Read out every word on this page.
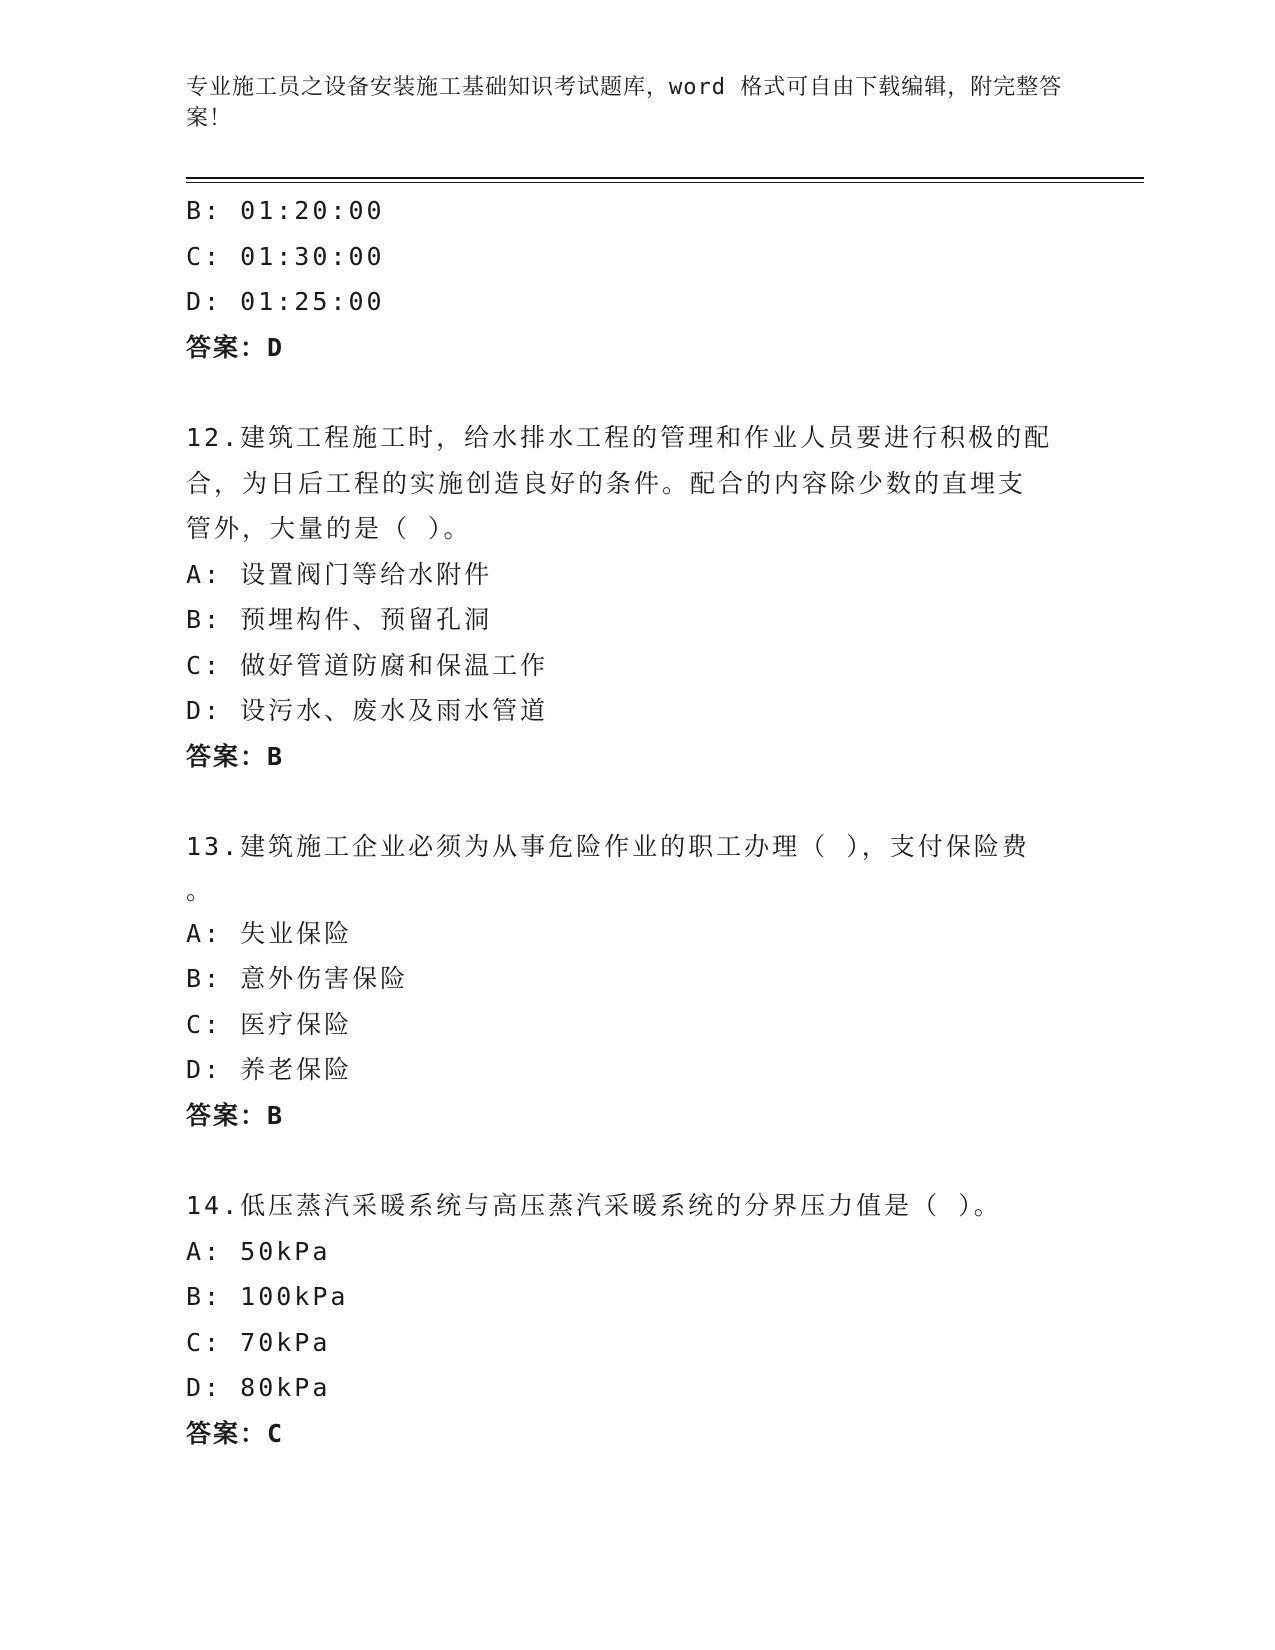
专业施工员之设备安装施工基础知识考试题库，word 格式可自由下载编辑，附完整答案！
B: 01:20:00
C: 01:30:00
D: 01:25:00
答案：D
12.建筑工程施工时，给水排水工程的管理和作业人员要进行积极的配
合，为日后工程的实施创造良好的条件。配合的内容除少数的直埋支
管外，大量的是（ ）。
A: 设置阀门等给水附件
B: 预埋构件、预留孔洞
C: 做好管道防腐和保温工作
D: 设污水、废水及雨水管道
答案：B
13.建筑施工企业必须为从事危险作业的职工办理（ ），支付保险费
。
A: 失业保险
B: 意外伤害保险
C: 医疗保险
D: 养老保险
答案：B
14.低压蒸汽采暖系统与高压蒸汽采暖系统的分界压力值是（ ）。
A: 50kPa
B: 100kPa
C: 70kPa
D: 80kPa
答案：C
